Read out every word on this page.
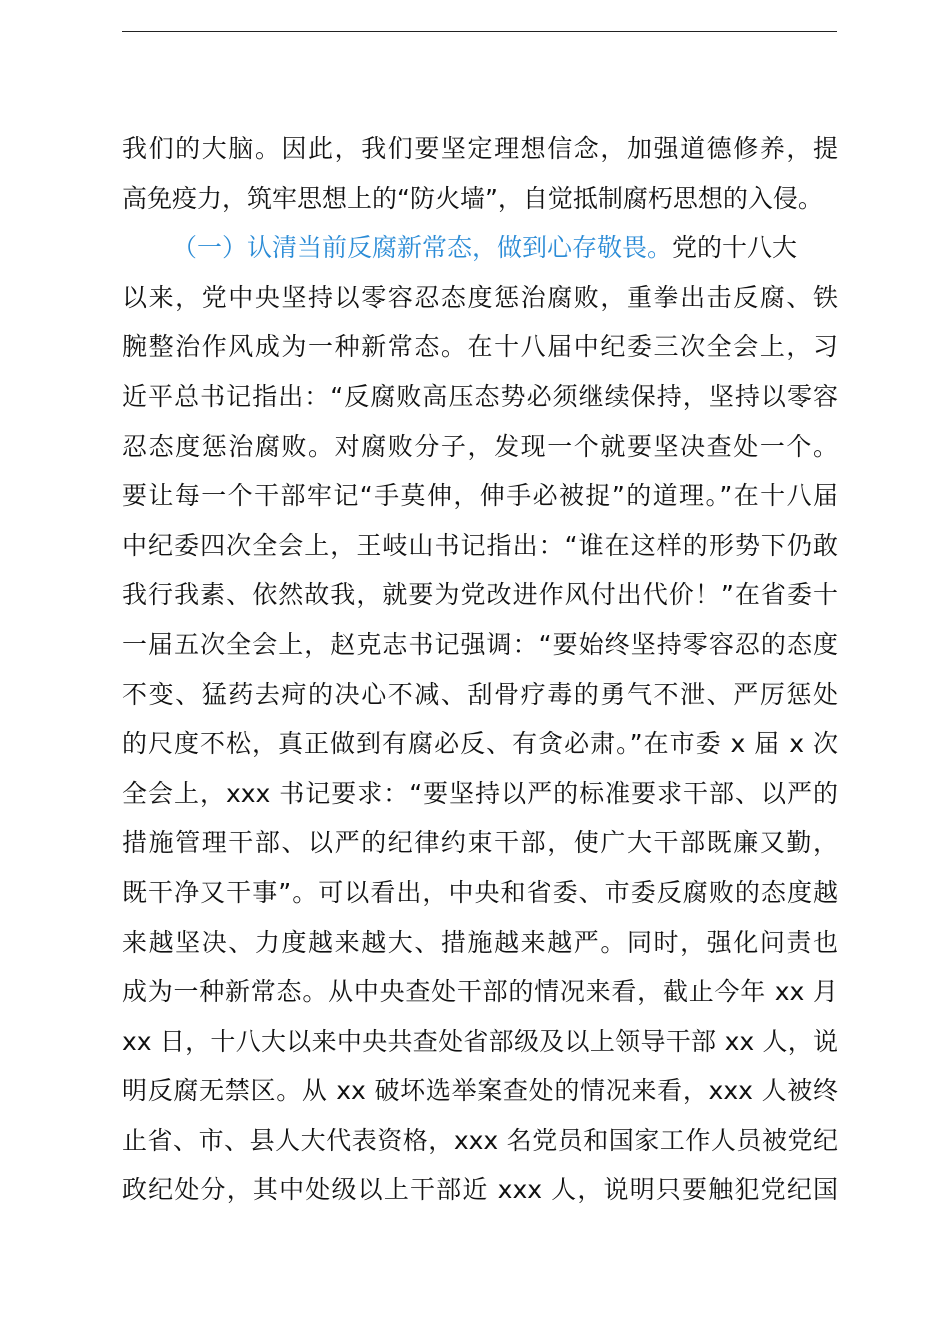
我们的大脑。因此，我们要坚定理想信念，加强道德修养，提
高免疫力，筑牢思想上的“防火墙”，自觉抵制腐朽思想的入侵。
（一）认清当前反腐新常态，做到心存敬畏。党的十八大
以来，党中央坚持以零容忍态度惩治腐败，重拳出击反腐、铁
腕整治作风成为一种新常态。在十八届中纪委三次全会上，习
近平总书记指出：“反腐败高压态势必须继续保持，坚持以零容
忍态度惩治腐败。对腐败分子，发现一个就要坚决查处一个。
要让每一个干部牢记“手莫伸，伸手必被捉”的道理。”在十八届
中纪委四次全会上，王岐山书记指出：“谁在这样的形势下仍敢
我行我素、依然故我，就要为党改进作风付出代价！”在省委十
一届五次全会上，赵克志书记强调：“要始终坚持零容忍的态度
不变、猛药去疴的决心不减、刮骨疗毒的勇气不泄、严厉惩处
的尺度不松，真正做到有腐必反、有贪必肃。”在市委 x 届 x 次
全会上，xxx 书记要求：“要坚持以严的标准要求干部、以严的
措施管理干部、以严的纪律约束干部，使广大干部既廉又勤，
既干净又干事”。可以看出，中央和省委、市委反腐败的态度越
来越坚决、力度越来越大、措施越来越严。同时，强化问责也
成为一种新常态。从中央查处干部的情况来看，截止今年 xx 月
xx 日，十八大以来中央共查处省部级及以上领导干部 xx 人，说
明反腐无禁区。从 xx 破坏选举案查处的情况来看，xxx 人被终
止省、市、县人大代表资格，xxx 名党员和国家工作人员被党纪
政纪处分，其中处级以上干部近 xxx 人，说明只要触犯党纪国
